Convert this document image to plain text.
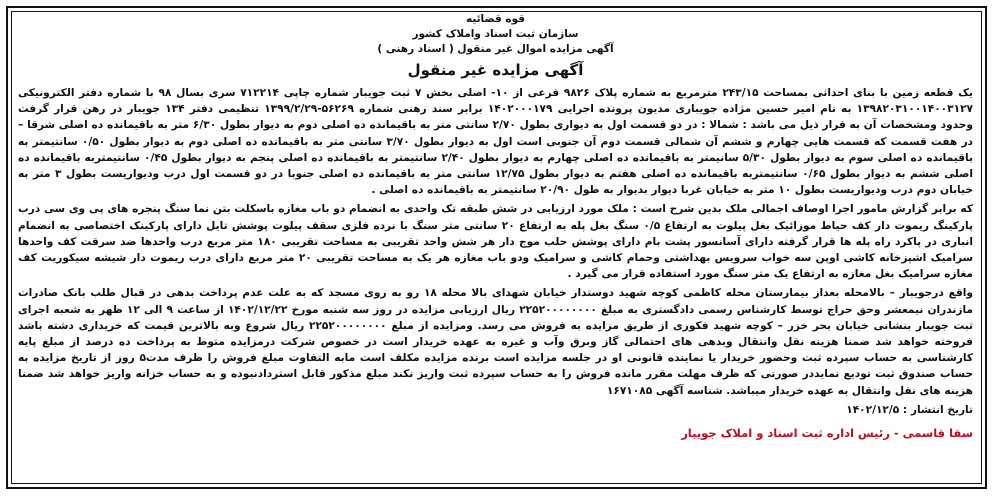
قوه قضائیه
سازمان ثبت اسناد واملاک کشور
آگهی مزایده اموال غیر منقول ( اسناد رهنی )
آگهی مزایده غیر منقول

یک قطعه زمین با بنای احداثی بمساحت ۲۴۳/۱۵ مترمربع به شماره پلاک ۹۸۲۶ فرعی از ۱۰- اصلی بخش ۷ ثبت جویبار شماره چاپی ۷۱۲۲۱۴ سری بسال ۹۸ با شماره دفتر الکترونیکی ۱۳۹۸۲۰۳۱۰۰۱۴۰۰۳۱۲۷ به نام امیر حسین مژاده جویباری مدیون پرونده اجرایی ۱۴۰۲۰۰۰۱۷۹ برابر سند رهنی شماره ۵۶۲۶۹-۱۳۹۹/۲/۲۹ تنظیمی دفتر ۱۳۴ جویبار در رهن قرار گرفت وحدود ومشخصات آن به قرار ذیل می باشد : شمالا : در دو قسمت اول به دیواری بطول ۲/۷۰ سانتی متر به باقیمانده ده اصلی دوم به دیوار بطول ۶/۳۰ متر به باقیمانده ده اصلی شرقا – در هفت قسمت که قسمت هایی چهارم و ششم آن شمالی قسمت دوم آن جنوبی است اول به دیوار بطول ۳/۷۰ سانتی متر به باقیمانده ده اصلی دوم به دیوار بطول ۰/۵۰ سانتیمتر به باقیمانده ده اصلی سوم به دیوار بطول ۵/۳۰ سانیمتر به باقیمانده ده اصلی چهارم به دیوار بطول ۲/۴۰ سانتیمتر به باقیمانده ده اصلی پنجم به دیوار بطول ۰/۴۵ سانتیمتربه باقیمانده ده اصلی ششم به دیوار بطول ۰/۶۵ سانتیمتربه باقیمانده ده اصلی هفتم به دیوار بطول ۱۲/۷۵ سانتی متر به باقیمانده ده اصلی جنوبا در دو قسمت اول درب ودیواریست بطول ۳ متر به خیابان دوم درب ودیواریست بطول ۱۰ متر به خیابان غربا دیوار بدیوار به طول ۲۰/۹۰ سانتیمتر به باقیمانده ده اصلی .

که برابر گزارش مامور اجرا اوصاف اجمالی ملک بدین شرح است : ملک مورد ارزیابی در شش طبقه تک واحدی به انضمام دو باب مغازه باسکلت بتن نما سنگ پنجره های پی وی سی درب پارکینگ ریموت دار کف حیاط موزائیک بغل پیلوت به ارتفاع ۰/۵ سنگ بغل پله به ارتفاع ۲۰ سانتی متر سنگ با نرده فلزی سقف پیلوت پوشش تایل دارای پارکینک اختصاصی به انضمام انباری در پاکرد راه پله ها قرار گرفته دارای آسانسور پشت بام دارای پوشش حلب موج دار هر شش واحد تقریبی به مساحت تقریبی ۱۸۰ متر مربع درب واحدها ضد سرقت کف واحدها سرامیک اشپزخانه کاشی اوپن سه خواب سرویس بهداشتی وحمام کاشی و سرامیک ودو باب مغازه هر یک به مساحت تقریبی ۲۰ متر مربع دارای درب ریموت دار شیشه سیکوریت کف مغازه سرامیک بغل مغازه به ارتفاع یک متر سنگ مورد استفاده قرار می گیرد .

واقع درجویبار – بالامحله بعداز بیمارستان محله کاظمی کوچه شهید دوستدار خیابان شهدای بالا محله ۱۸ رو به روی مسجد که به علت عدم پرداخت بدهی در قبال طلب بانک صادرات مازندران نیمعشر وحق حراج توسط کارشناس رسمی دادگستری به مبلغ ۲۲۵۲۰۰۰۰۰۰۰۰ ریال ارزیابی مزایده در روز سه شنبه مورخ ۱۴۰۲/۱۲/۲۲ از ساعت ۹ الی ۱۲ ظهر به شعبه اجرای ثبت جویبار بنشانی خیابان بحر خزر – کوچه شهید فکوری از طریق مزایده به فروش می رسد. ومزایده از مبلغ ۲۲۵۲۰۰۰۰۰۰۰۰ ریال شروع وبه بالاترین قیمت که خریداری دشته باشد فروخته خواهد شد ضمنا هزینه نقل وانتقال وبدهی های احتمالی گاز وبرق وآب و غیره به عهده خریدار است در خصوص شرکت درمزایده متوط به پرداخت ده درصد از مبلغ پایه کارشناسی به حساب سپرده ثبت وحضور خریدار یا نماینده قانونی او در جلسه مزایده است برنده مزایده مکلف است مابه التفاوت مبلغ فروش را ظرف مدت۵ روز از تاریخ مزایده به حساب صندوق ثبت تودیع نمایددر صورتی که ظرف مهلت مقرر مانده فروش را به حساب سپرده ثبت واریز نکند مبلغ مذکور قابل استردادنبوده و به حساب خزانه واریز خواهد شد ضمنا هزینه های نقل وانتقال به عهده خریدار میباشد. شناسه آگهی ۱۶۷۱۰۸۵

تاریخ انتشار : ۱۴۰۲/۱۲/۵
سقا قاسمی - رئیس اداره ثبت اسناد و املاک جویبار
